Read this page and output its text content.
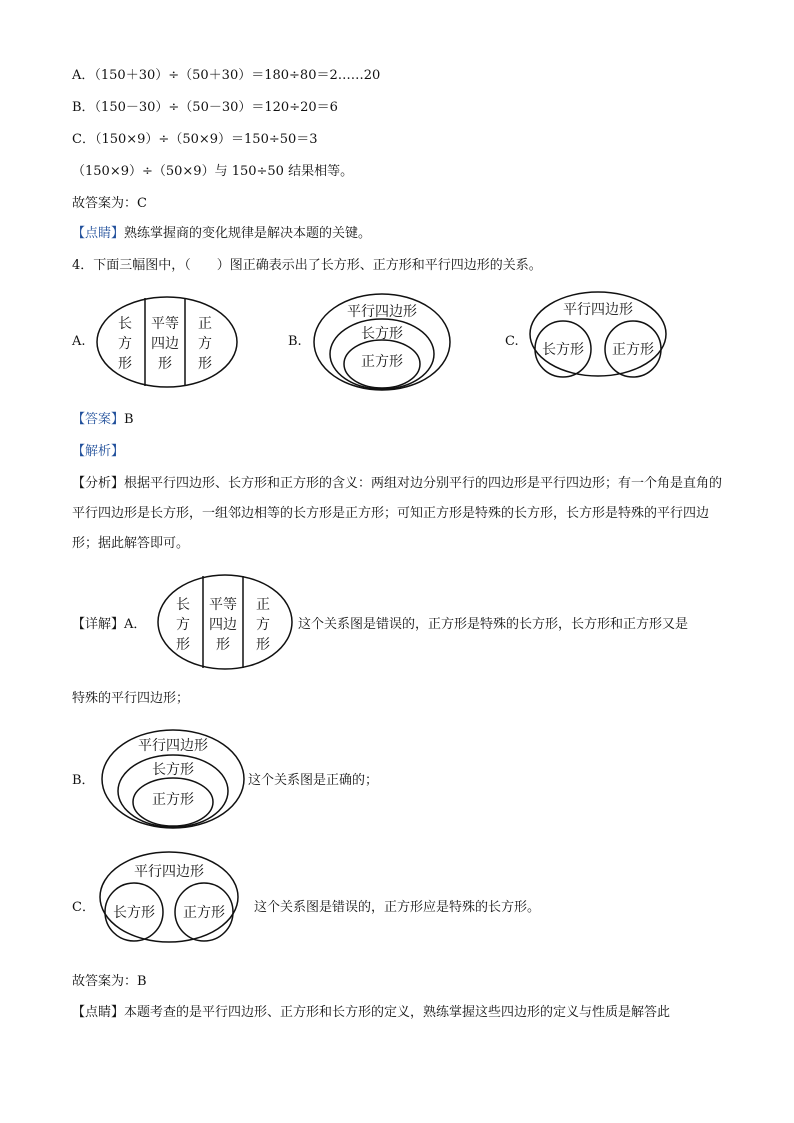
A．（150＋30）÷（50＋30）＝180÷80＝2……20
B．（150－30）÷（50－30）＝120÷20＝6
C．（150×9）÷（50×9）＝150÷50＝3
（150×9）÷（50×9）与 150÷50 结果相等。
故答案为：C
【点睛】熟练掌握商的变化规律是解决本题的关键。
4．下面三幅图中，（　　）图正确表示出了长方形、正方形和平行四边形的关系。
A.
长
方
形
平等
四边
形
正
方
形
B.
平行四边形
长方形
正方形
C.
平行四边形
长方形 正方形
【答案】B
【解析】
【分析】根据平行四边形、长方形和正方形的含义：两组对边分别平行的四边形是平行四边形；有一个角是直角的平行四边形是长方形，一组邻边相等的长方形是正方形；可知正方形是特殊的长方形，长方形是特殊的平行四边形；据此解答即可。
【详解】A．
长
方
形
平等
四边
形
正
方
形
这个关系图是错误的，正方形是特殊的长方形，长方形和正方形又是
特殊的平行四边形；
B．
平行四边形
长方形
正方形
这个关系图是正确的；
C．
平行四边形
长方形 正方形 这个关系图是错误的，正方形应是特殊的长方形。
故答案为：B
【点睛】本题考查的是平行四边形、正方形和长方形的定义，熟练掌握这些四边形的定义与性质是解答此
